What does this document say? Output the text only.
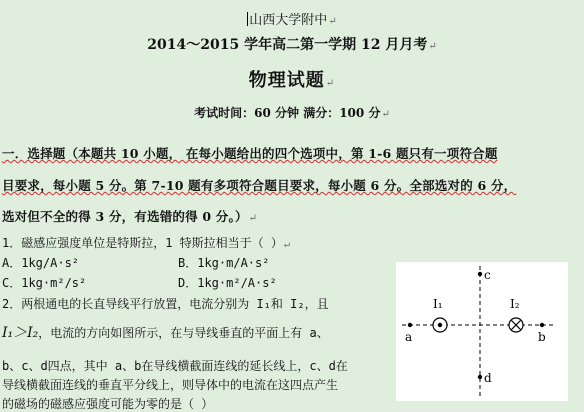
山西大学附中↵
2014～2015 学年高二第一学期 12 月月考↵
物理试题↵
考试时间：60 分钟 满分：100 分↵
一．选择题（本题共 10 小题， 在每小题给出的四个选项中，第 1-6 题只有一项符合题
目要求，每小题 5 分。第 7-10 题有多项符合题目要求，每小题 6 分。全部选对的 6 分，
选对但不全的得 3 分，有选错的得 0 分。）↵
1．磁感应强度单位是特斯拉，1 特斯拉相当于（ ）↵
A．1kg/A·s²	B．1kg·m/A·s²
C．1kg·m²/s²	D．1kg·m²/A·s²
2．两根通电的长直导线平行放置，电流分别为 I₁和 I₂，且
I₁＞I₂，电流的方向如图所示，在与导线垂直的平面上有 a、
b、c、d四点，其中 a、b在导线横截面连线的延长线上，c、d在
导线横截面连线的垂直平分线上，则导体中的电流在这四点产生
的磁场的磁感应强度可能为零的是（ ）
I₁	I₂
a	b
c
d
